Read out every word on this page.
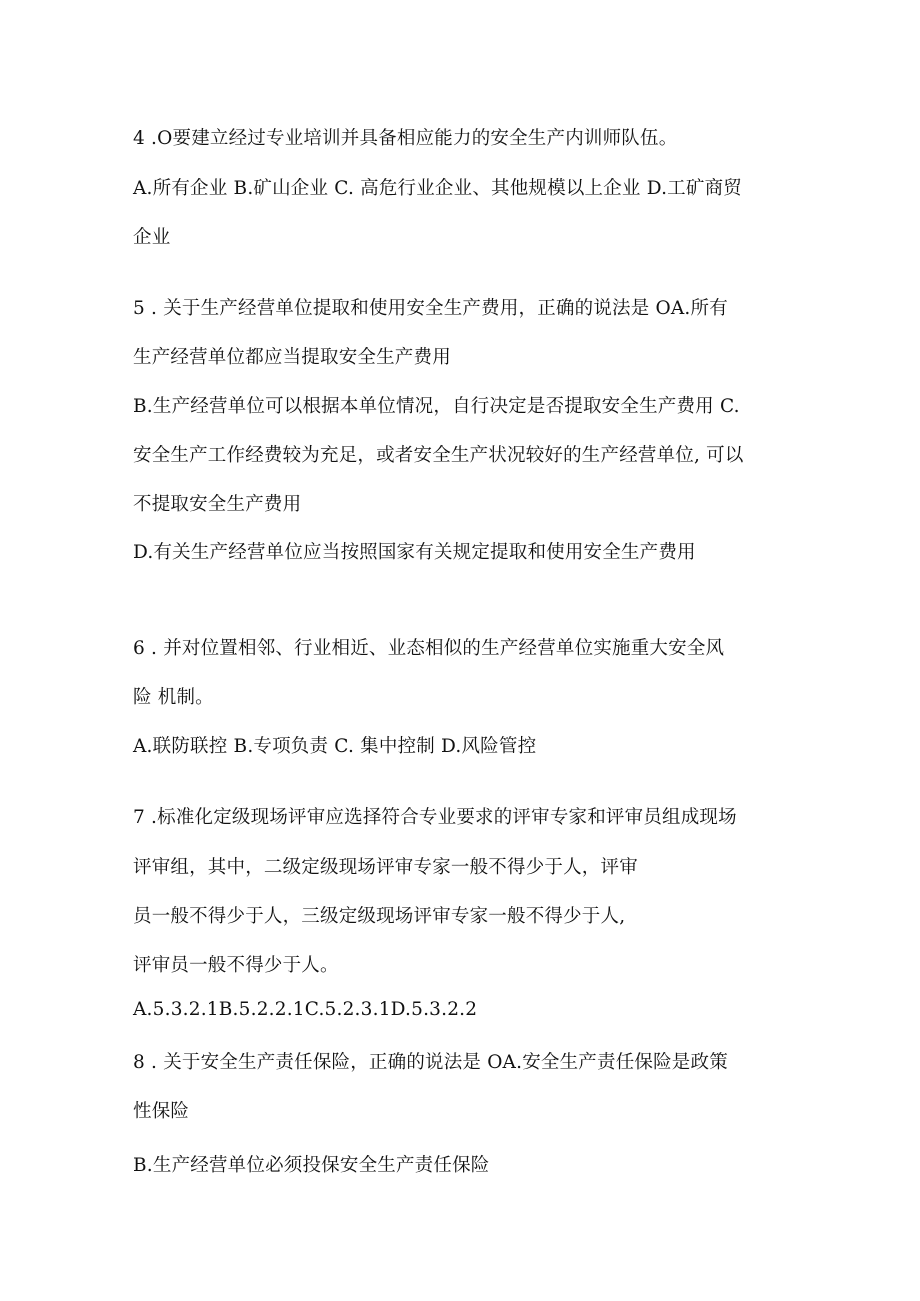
4 .O要建立经过专业培训并具备相应能力的安全生产内训师队伍。
A.所有企业 B.矿山企业 C. 高危行业企业、其他规模以上企业 D.工矿商贸
企业
5 . 关于生产经营单位提取和使用安全生产费用，正确的说法是 OA.所有
生产经营单位都应当提取安全生产费用
B.生产经营单位可以根据本单位情况，自行决定是否提取安全生产费用 C.
安全生产工作经费较为充足，或者安全生产状况较好的生产经营单位, 可以
不提取安全生产费用
D.有关生产经营单位应当按照国家有关规定提取和使用安全生产费用
6 . 并对位置相邻、行业相近、业态相似的生产经营单位实施重大安全风
险 机制。
A.联防联控 B.专项负责 C. 集中控制 D.风险管控
7 .标准化定级现场评审应选择符合专业要求的评审专家和评审员组成现场
评审组，其中，二级定级现场评审专家一般不得少于人，评审
员一般不得少于人，三级定级现场评审专家一般不得少于人,
评审员一般不得少于人。
A.5.3.2.1B.5.2.2.1C.5.2.3.1D.5.3.2.2
8 . 关于安全生产责任保险，正确的说法是 OA.安全生产责任保险是政策
性保险
B.生产经营单位必须投保安全生产责任保险
